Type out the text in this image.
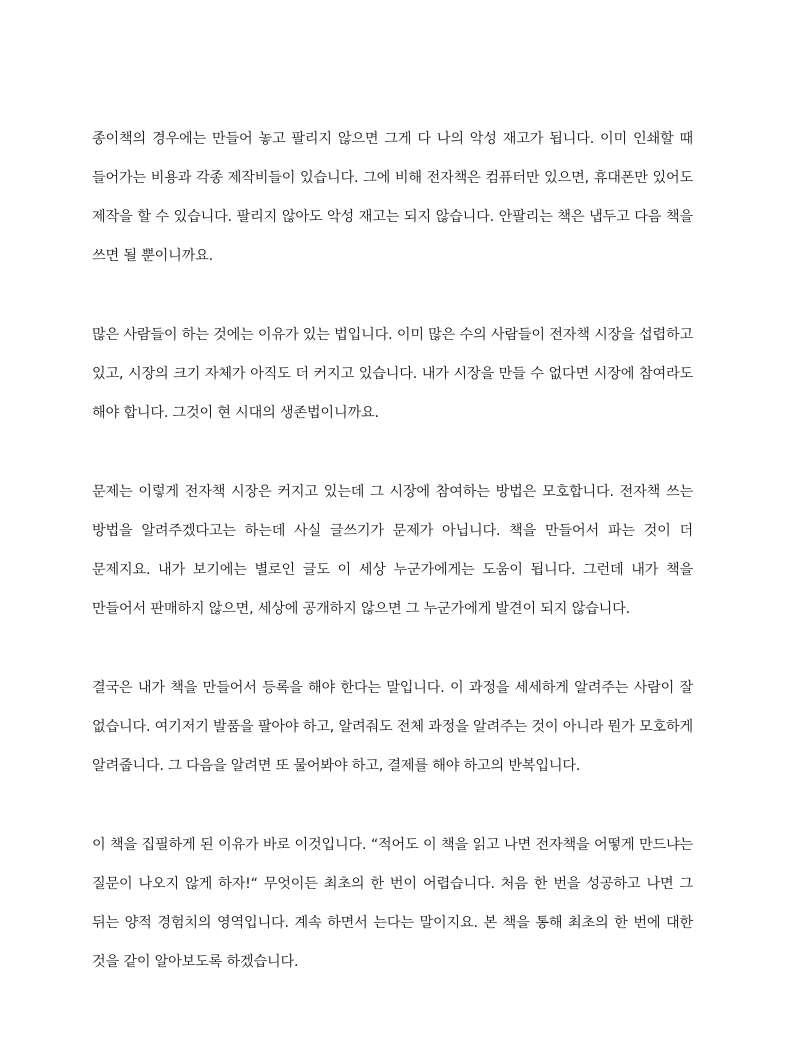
종이책의 경우에는 만들어 놓고 팔리지 않으면 그게 다 나의 악성 재고가 됩니다. 이미 인쇄할 때 들어가는 비용과 각종 제작비들이 있습니다. 그에 비해 전자책은 컴퓨터만 있으면, 휴대폰만 있어도 제작을 할 수 있습니다. 팔리지 않아도 악성 재고는 되지 않습니다. 안팔리는 책은 냅두고 다음 책을 쓰면 될 뿐이니까요.

많은 사람들이 하는 것에는 이유가 있는 법입니다. 이미 많은 수의 사람들이 전자책 시장을 섭렵하고 있고, 시장의 크기 자체가 아직도 더 커지고 있습니다. 내가 시장을 만들 수 없다면 시장에 참여라도 해야 합니다. 그것이 현 시대의 생존법이니까요.

문제는 이렇게 전자책 시장은 커지고 있는데 그 시장에 참여하는 방법은 모호합니다. 전자책 쓰는 방법을 알려주겠다고는 하는데 사실 글쓰기가 문제가 아닙니다. 책을 만들어서 파는 것이 더 문제지요. 내가 보기에는 별로인 글도 이 세상 누군가에게는 도움이 됩니다. 그런데 내가 책을 만들어서 판매하지 않으면, 세상에 공개하지 않으면 그 누군가에게 발견이 되지 않습니다.

결국은 내가 책을 만들어서 등록을 해야 한다는 말입니다. 이 과정을 세세하게 알려주는 사람이 잘 없습니다. 여기저기 발품을 팔아야 하고, 알려줘도 전체 과정을 알려주는 것이 아니라 뭔가 모호하게 알려줍니다. 그 다음을 알려면 또 물어봐야 하고, 결제를 해야 하고의 반복입니다.

이 책을 집필하게 된 이유가 바로 이것입니다. “적어도 이 책을 읽고 나면 전자책을 어떻게 만드냐는 질문이 나오지 않게 하자!“ 무엇이든 최초의 한 번이 어렵습니다. 처음 한 번을 성공하고 나면 그 뒤는 양적 경험치의 영역입니다. 계속 하면서 는다는 말이지요. 본 책을 통해 최초의 한 번에 대한 것을 같이 알아보도록 하겠습니다.
